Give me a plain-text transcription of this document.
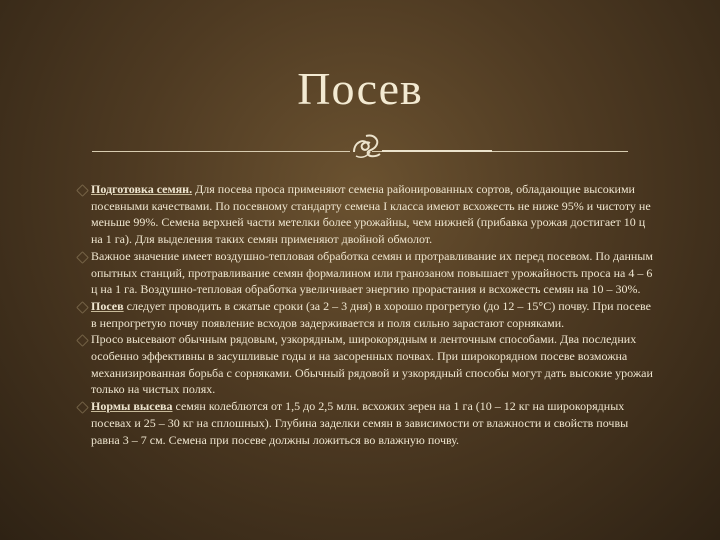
Посев
Подготовка семян. Для посева проса применяют семена районированных сортов, обладающие высокими посевными качествами. По посевному стандарту семена I класса имеют всхожесть не ниже 95% и чистоту не меньше 99%. Семена верхней части метелки более урожайны, чем нижней (прибавка урожая достигает 10 ц на 1 га). Для выделения таких семян применяют двойной обмолот.
Важное значение имеет воздушно-тепловая обработка семян и протравливание их перед посевом. По данным опытных станций, протравливание семян формалином или гранозаном повышает урожайность проса на 4 – 6 ц на 1 га. Воздушно-тепловая обработка увеличивает энергию прорастания и всхожесть семян на 10 – 30%.
Посев следует проводить в сжатые сроки (за 2 – 3 дня) в хорошо прогретую (до 12 – 15°С) почву. При посеве в непрогретую почву появление всходов задерживается и поля сильно зарастают сорняками.
Просо высевают обычным рядовым, узкорядным, широкорядным и ленточным способами. Два последних особенно эффективны в засушливые годы и на засоренных почвах. При широкорядном посеве возможна механизированная борьба с сорняками. Обычный рядовой и узкорядный способы могут дать высокие урожаи только на чистых полях.
Нормы высева семян колеблются от 1,5 до 2,5 млн. всхожих зерен на 1 га (10 – 12 кг на широкорядных посевах и 25 – 30 кг на сплошных). Глубина заделки семян в зависимости от влажности и свойств почвы равна 3 – 7 см. Семена при посеве должны ложиться во влажную почву.
